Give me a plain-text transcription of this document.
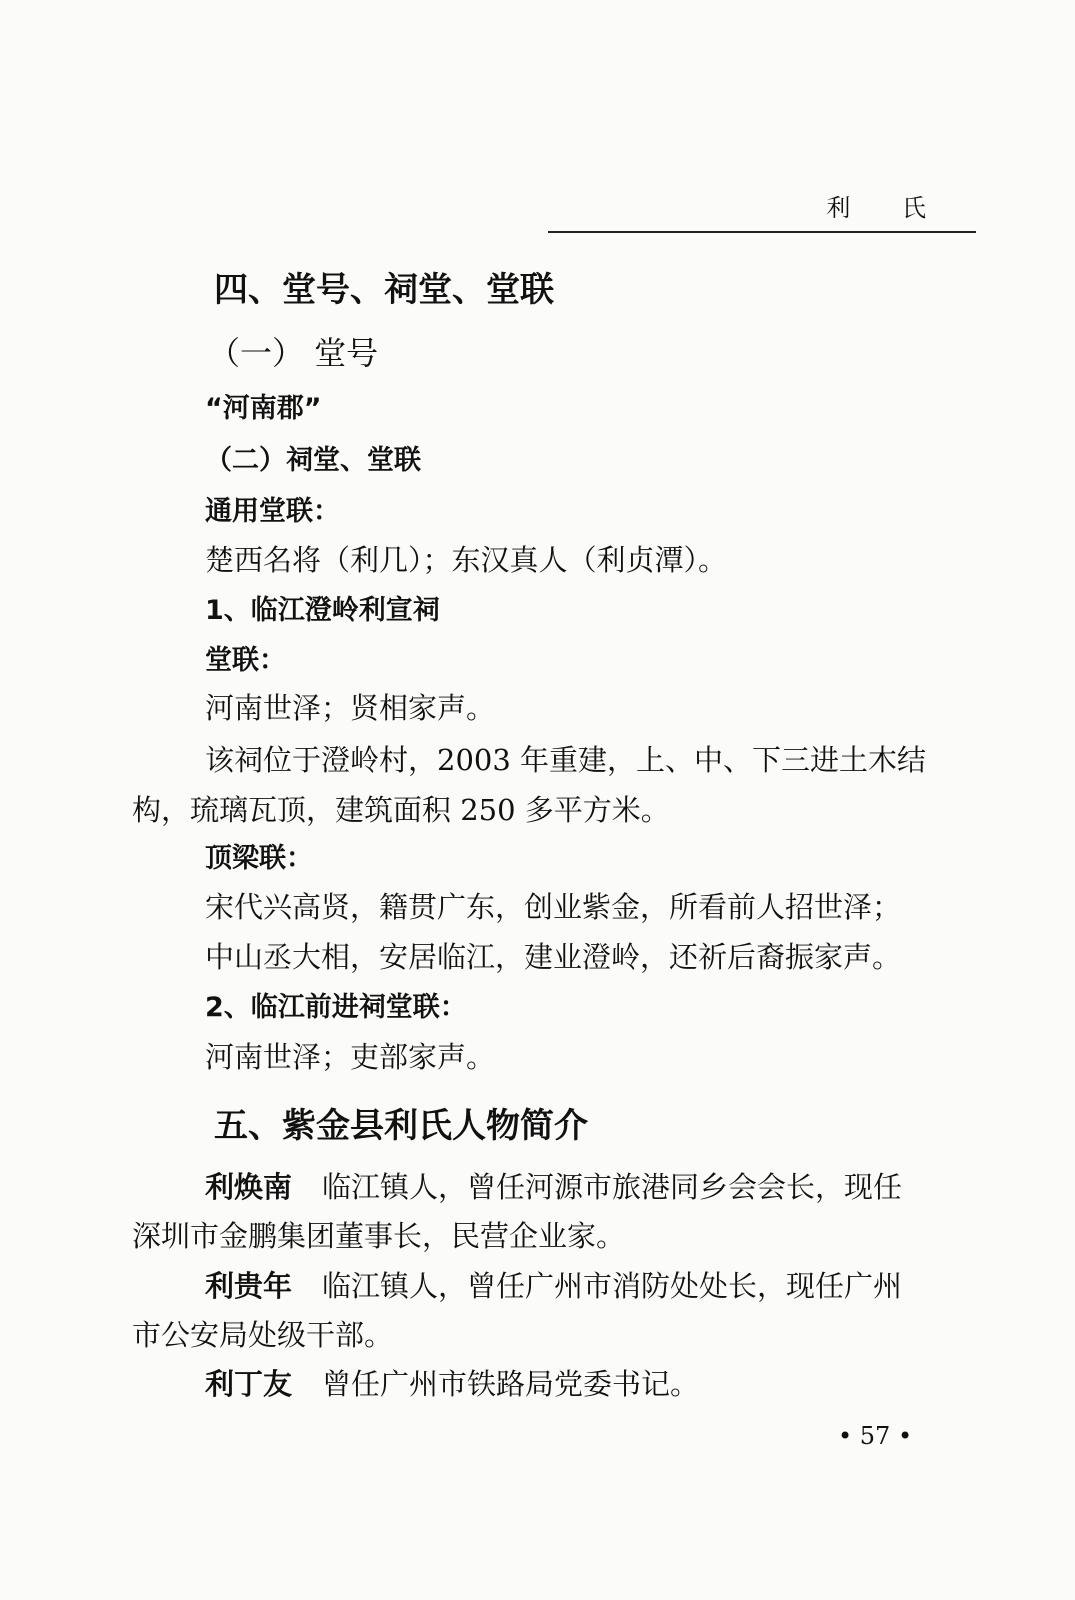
利 氏
四、堂号、祠堂、堂联
（一） 堂号
“河南郡”
（二）祠堂、堂联
通用堂联：
楚西名将（利几）；东汉真人（利贞潭）。
1、临江澄岭利宣祠
堂联：
河南世泽；贤相家声。
该祠位于澄岭村，2003 年重建，上、中、下三进土木结
构，琉璃瓦顶，建筑面积 250 多平方米。
顶梁联：
宋代兴高贤，籍贯广东，创业紫金，所看前人招世泽；
中山丞大相，安居临江，建业澄岭，还祈后裔振家声。
2、临江前进祠堂联：
河南世泽；吏部家声。
五、紫金县利氏人物简介
利焕南 临江镇人，曾任河源市旅港同乡会会长，现任
深圳市金鹏集团董事长，民营企业家。
利贵年 临江镇人，曾任广州市消防处处长，现任广州
市公安局处级干部。
利丁友 曾任广州市铁路局党委书记。
• 57 •
